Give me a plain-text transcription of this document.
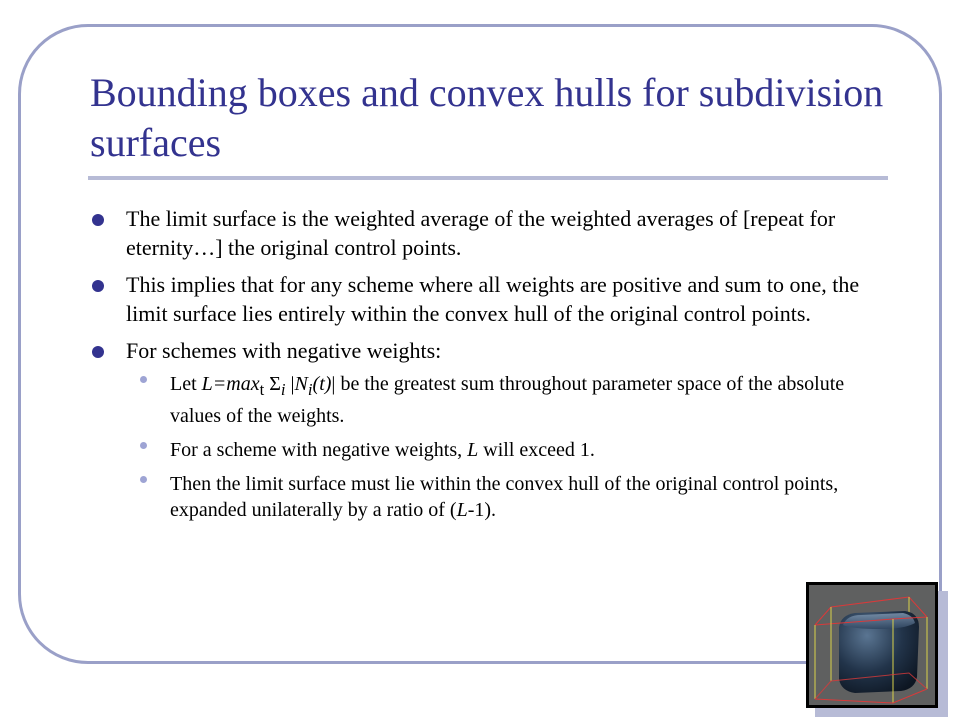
Bounding boxes and convex hulls for subdivision surfaces
The limit surface is the weighted average of the weighted averages of [repeat for eternity…] the original control points.
This implies that for any scheme where all weights are positive and sum to one, the limit surface lies entirely within the convex hull of the original control points.
For schemes with negative weights:
Let $L=\max_t$ $\Sigma_i$ $|N_i(t)|$ be the greatest sum throughout parameter space of the absolute values of the weights.
For a scheme with negative weights, L will exceed 1.
Then the limit surface must lie within the convex hull of the original control points, expanded unilaterally by a ratio of (L-1).
